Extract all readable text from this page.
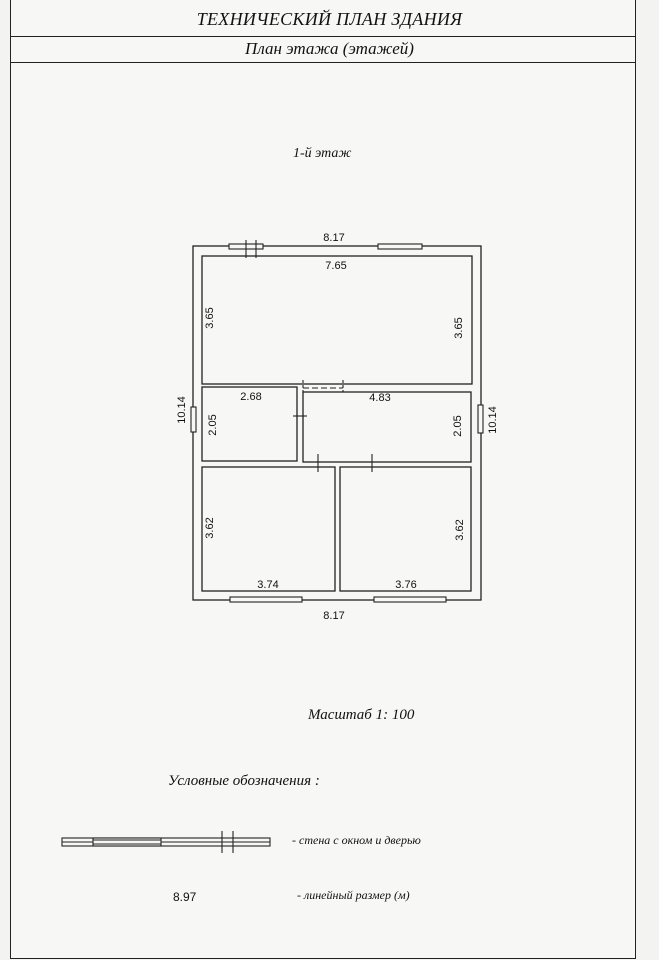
ТЕХНИЧЕСКИЙ ПЛАН ЗДАНИЯ
План этажа (этажей)
1-й этаж
8.17
8.17
10.14	10.14
7.65
3.65	3.65
2.68
2.05
4.83
2.05
3.74
3.62
3.76
3.62
Масштаб 1: 100
Условные обозначения :
- стена с окном и дверью
8.97	- линейный размер (м)
